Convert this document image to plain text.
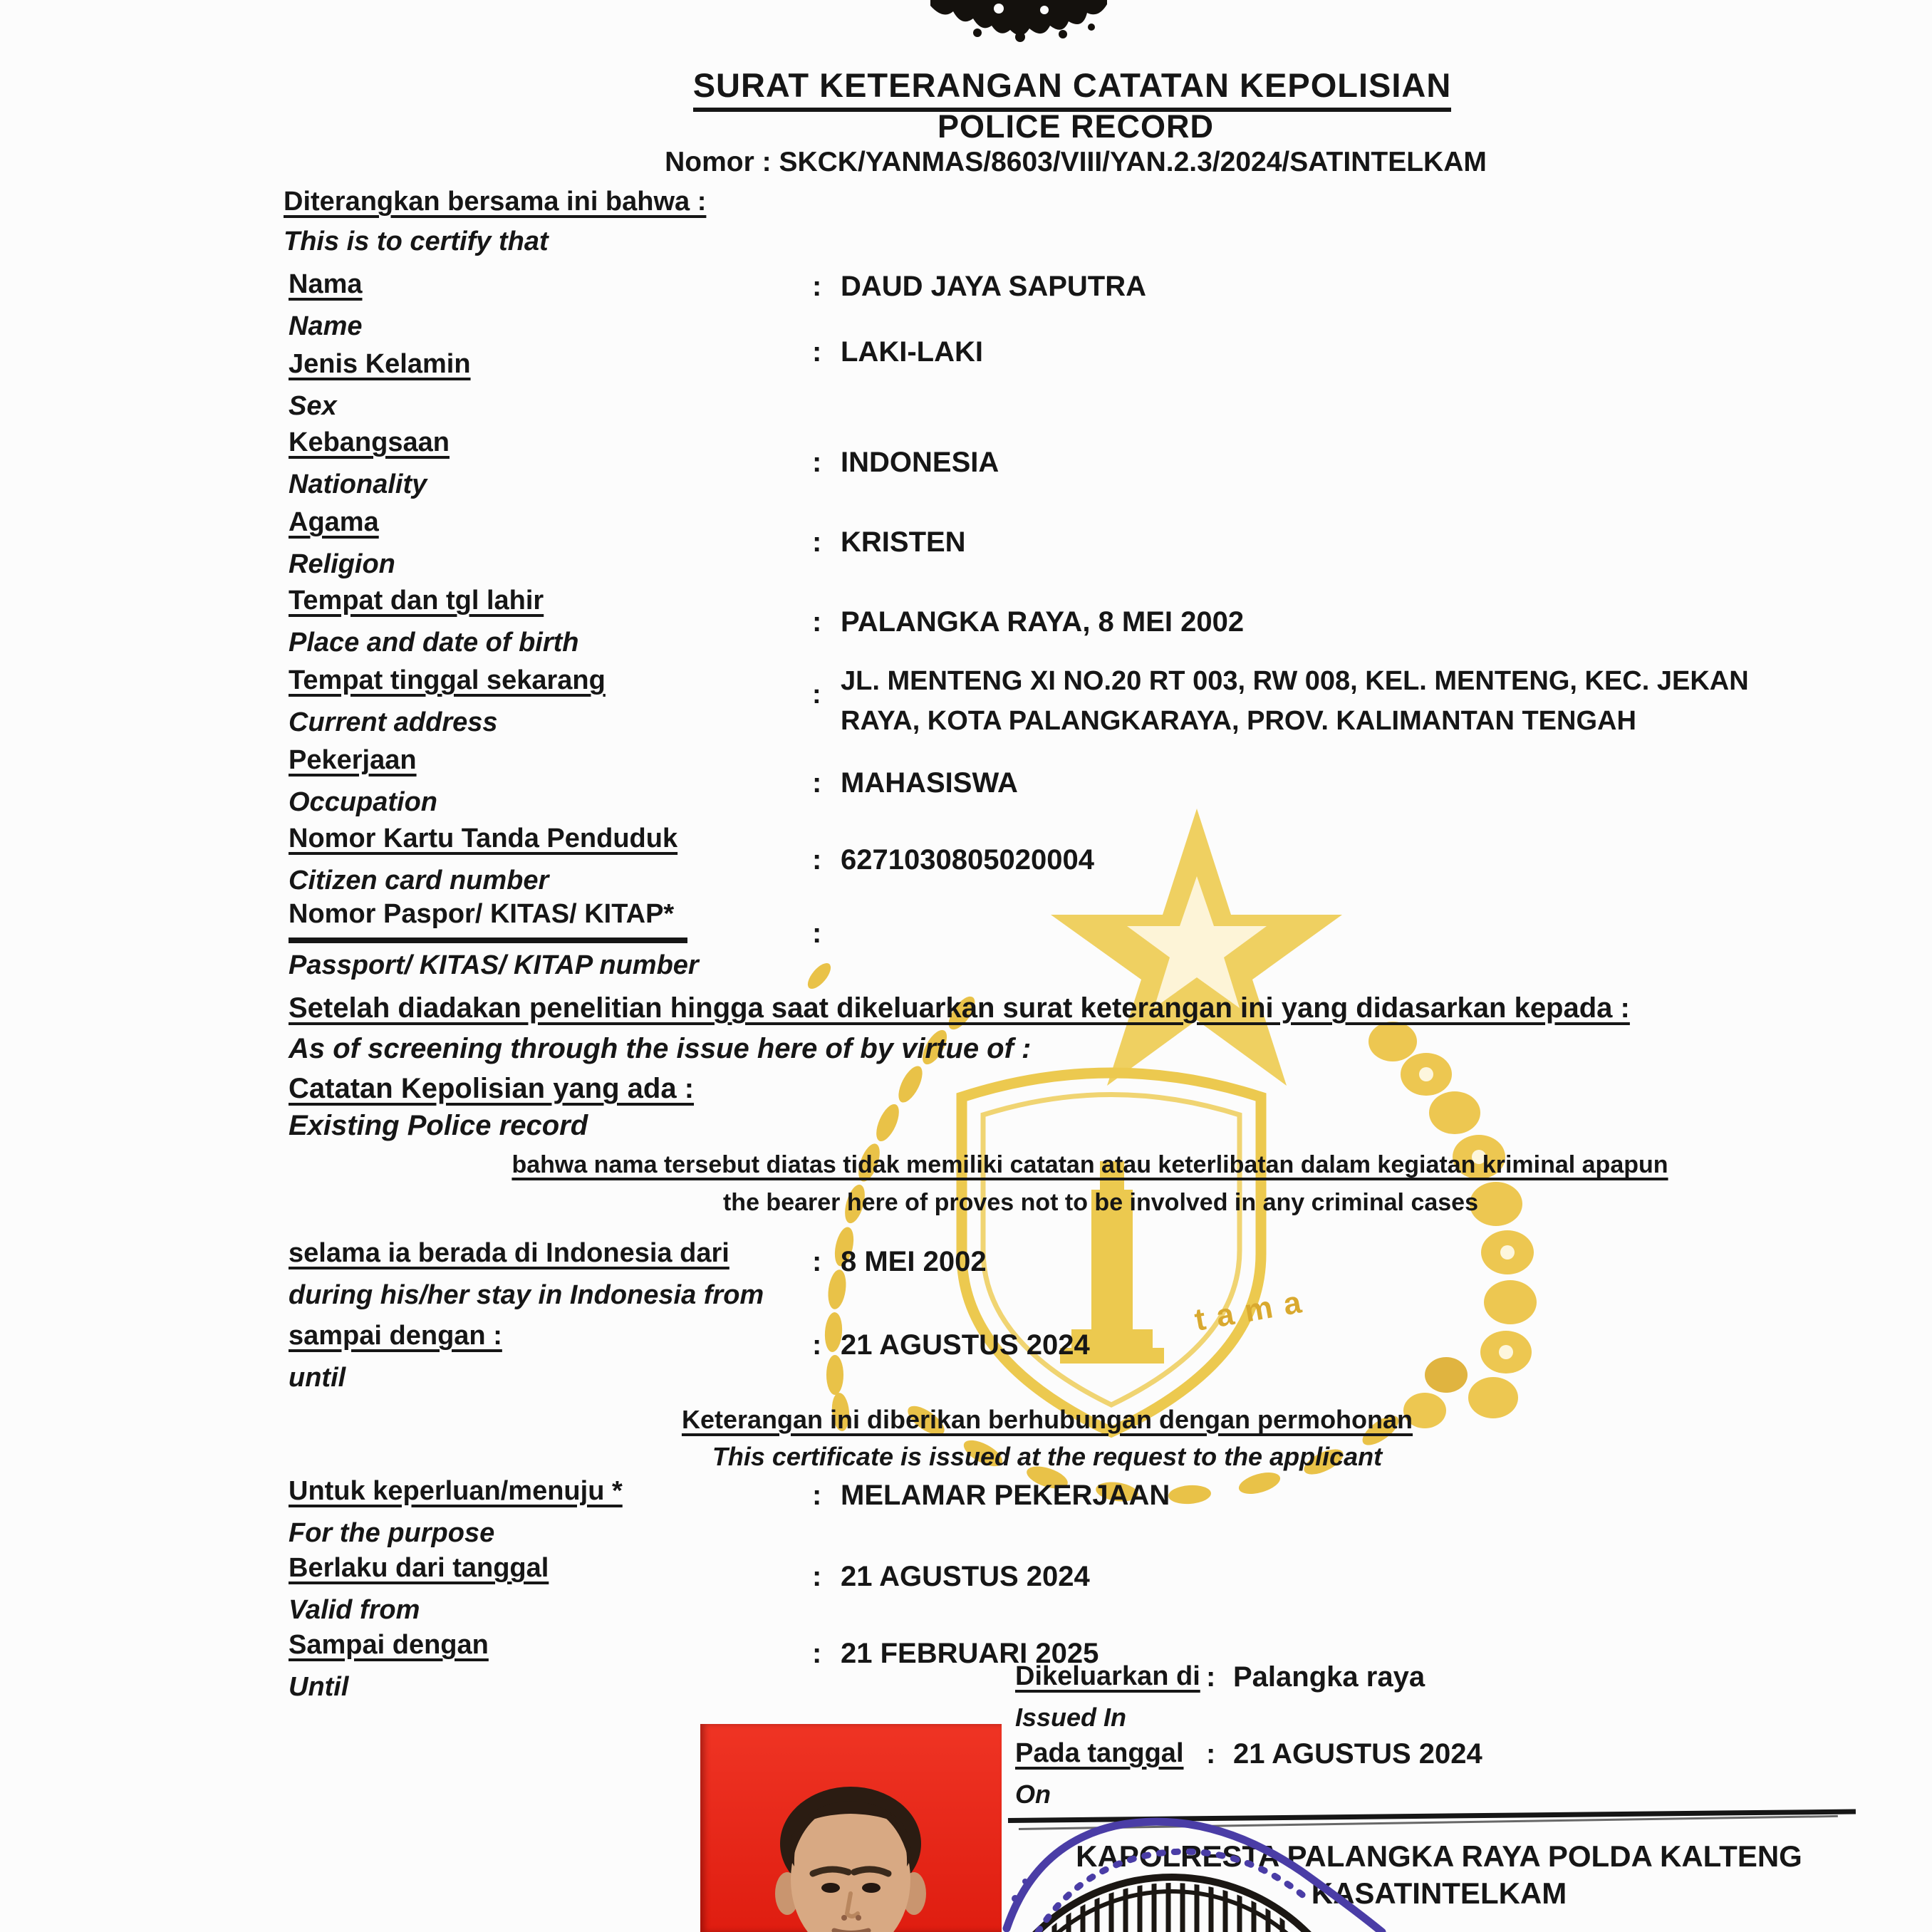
tama
SURAT KETERANGAN CATATAN KEPOLISIAN
POLICE RECORD
Nomor : SKCK/YANMAS/8603/VIII/YAN.2.3/2024/SATINTELKAM
Diterangkan bersama ini bahwa :
This is to certify that
Nama
Name
: DAUD JAYA SAPUTRA
Jenis Kelamin
Sex
: LAKI-LAKI
Kebangsaan
Nationality
: INDONESIA
Agama
Religion
: KRISTEN
Tempat dan tgl lahir
Place and date of birth
: PALANGKA RAYA, 8 MEI 2002
Tempat tinggal sekarang
Current address
: JL. MENTENG XI NO.20 RT 003, RW 008, KEL. MENTENG, KEC. JEKAN
RAYA, KOTA PALANGKARAYA, PROV. KALIMANTAN TENGAH
Pekerjaan
Occupation
: MAHASISWA
Nomor Kartu Tanda Penduduk
Citizen card number
: 6271030805020004
Nomor Paspor/ KITAS/ KITAP*
Passport/ KITAS/ KITAP number
:
Setelah diadakan penelitian hingga saat dikeluarkan surat keterangan ini yang didasarkan kepada :
As of screening through the issue here of by virtue of :
Catatan Kepolisian yang ada :
Existing Police record
bahwa nama tersebut diatas tidak memiliki catatan atau keterlibatan dalam kegiatan kriminal apapun
the bearer here of proves not to be involved in any criminal cases
selama ia berada di Indonesia dari
during his/her stay in Indonesia from
: 8 MEI 2002
sampai dengan :
until
: 21 AGUSTUS 2024
Keterangan ini diberikan berhubungan dengan permohonan
This certificate is issued at the request to the applicant
Untuk keperluan/menuju *
For the purpose
: MELAMAR PEKERJAAN
Berlaku dari tanggal
Valid from
: 21 AGUSTUS 2024
Sampai dengan
Until
: 21 FEBRUARI 2025
Dikeluarkan di : Palangka raya
Issued In
Pada tanggal : 21 AGUSTUS 2024
On
KAPOLRESTA PALANGKA RAYA POLDA KALTENG
KASATINTELKAM
